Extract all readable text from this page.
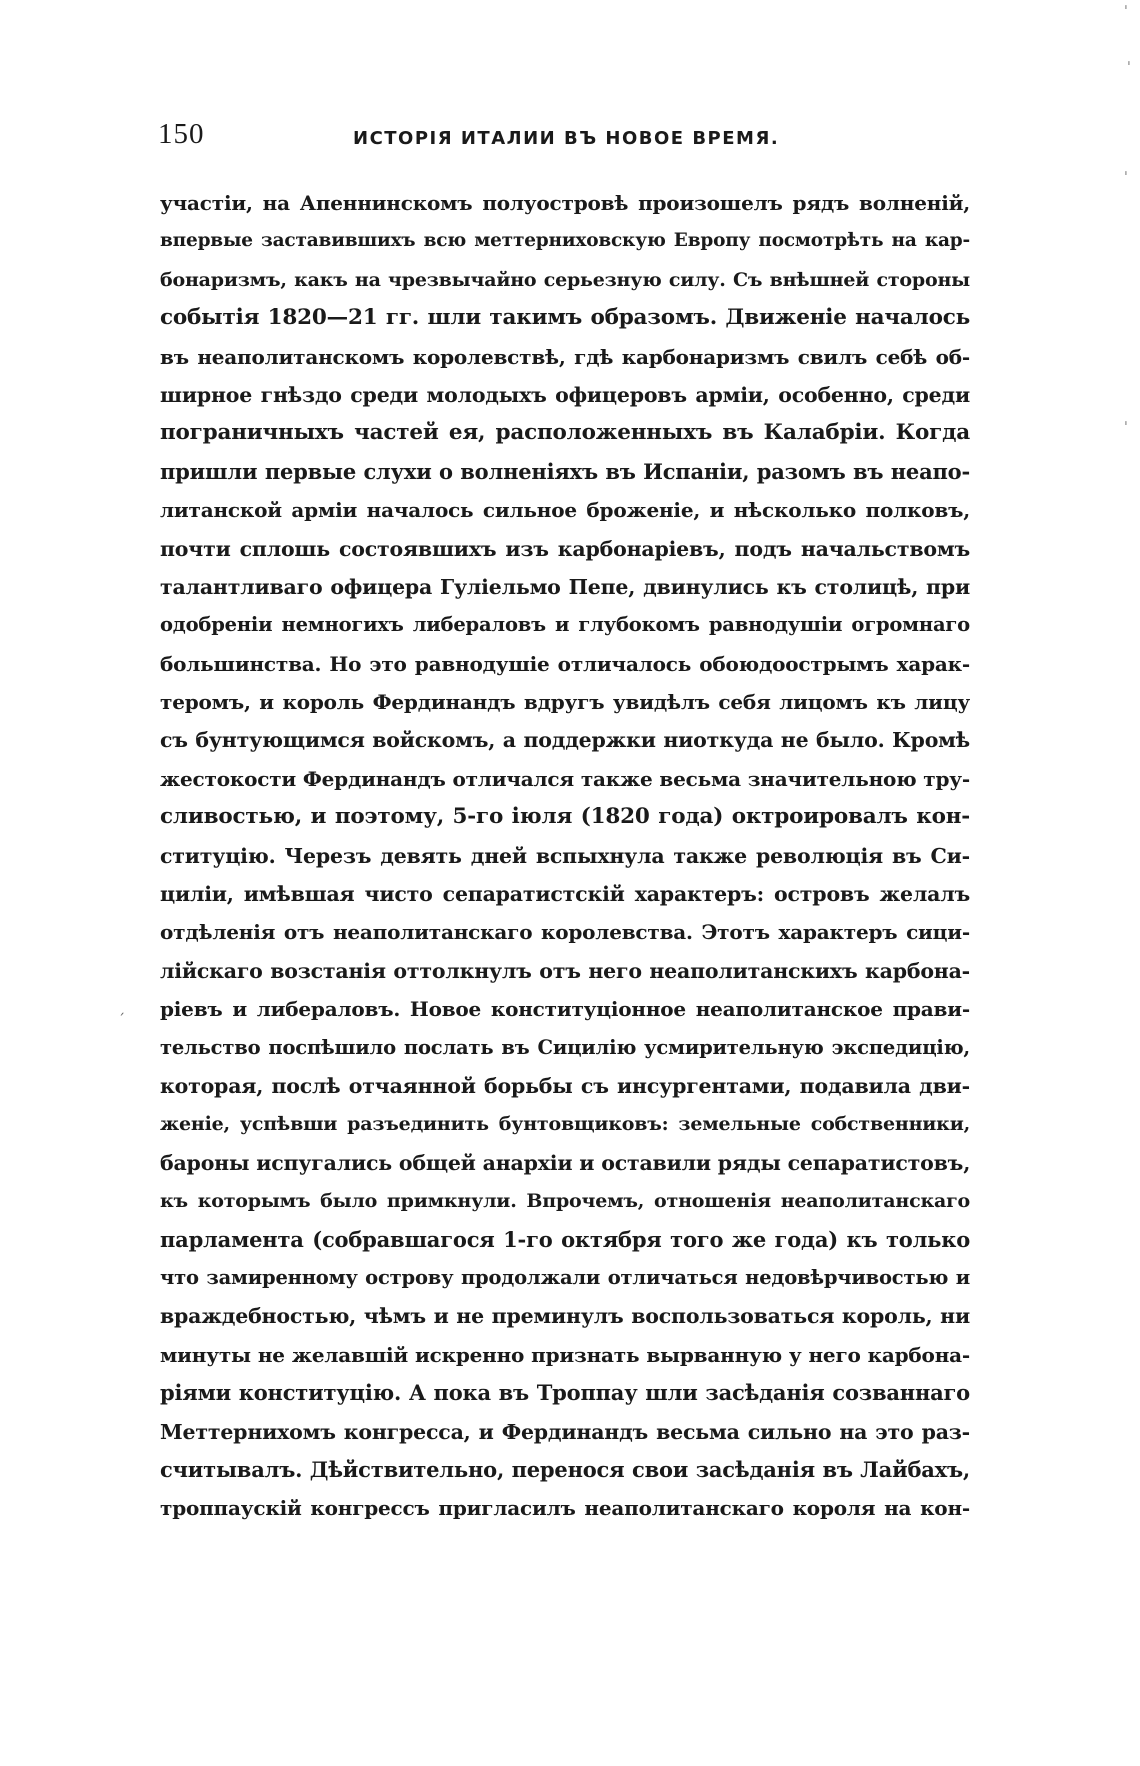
ˈ
ˈ
ˈ
ˈ
ˏ
150	ИСТОРІЯ ИТАЛИИ ВЪ НОВОЕ ВРЕМЯ.
участіи, на Апеннинскомъ полуостровѣ произошелъ рядъ волненій,
впервые заставившихъ всю меттерниховскую Европу посмотрѣть на кар-
бонаризмъ, какъ на чрезвычайно серьезную силу. Съ внѣшней стороны
событія 1820—21 гг. шли такимъ образомъ. Движеніе началось
въ неаполитанскомъ королевствѣ, гдѣ карбонаризмъ свилъ себѣ об-
ширное гнѣздо среди молодыхъ офицеровъ арміи, особенно, среди
пограничныхъ частей ея, расположенныхъ въ Калабріи. Когда
пришли первые слухи о волненіяхъ въ Испаніи, разомъ въ неапо-
литанской арміи началось сильное броженіе, и нѣсколько полковъ,
почти сплошь состоявшихъ изъ карбонаріевъ, подъ начальствомъ
талантливаго офицера Гуліельмо Пепе, двинулись къ столицѣ, при
одобреніи немногихъ либераловъ и глубокомъ равнодушіи огромнаго
большинства. Но это равнодушіе отличалось обоюдоострымъ харак-
теромъ, и король Фердинандъ вдругъ увидѣлъ себя лицомъ къ лицу
съ бунтующимся войскомъ, а поддержки ниоткуда не было. Кромѣ
жестокости Фердинандъ отличался также весьма значительною тру-
сливостью, и поэтому, 5-го іюля (1820 года) октроировалъ кон-
ституцію. Черезъ девять дней вспыхнула также революція въ Си-
циліи, имѣвшая чисто сепаратистскій характеръ: островъ желалъ
отдѣленія отъ неаполитанскаго королевства. Этотъ характеръ сици-
лійскаго возстанія оттолкнулъ отъ него неаполитанскихъ карбона-
ріевъ и либераловъ. Новое конституціонное неаполитанское прави-
тельство поспѣшило послать въ Сицилію усмирительную экспедицію,
которая, послѣ отчаянной борьбы съ инсургентами, подавила дви-
женіе, успѣвши разъединить бунтовщиковъ: земельные собственники,
бароны испугались общей анархіи и оставили ряды сепаратистовъ,
къ которымъ было примкнули. Впрочемъ, отношенія неаполитанскаго
парламента (собравшагося 1-го октября того же года) къ только
что замиренному острову продолжали отличаться недовѣрчивостью и
враждебностью, чѣмъ и не преминулъ воспользоваться король, ни
минуты не желавшій искренно признать вырванную у него карбона-
ріями конституцію. А пока въ Троппау шли засѣданія созваннаго
Меттернихомъ конгресса, и Фердинандъ весьма сильно на это раз-
считывалъ. Дѣйствительно, перенося свои засѣданія въ Лайбахъ,
троппаускій конгрессъ пригласилъ неаполитанскаго короля на кон-
